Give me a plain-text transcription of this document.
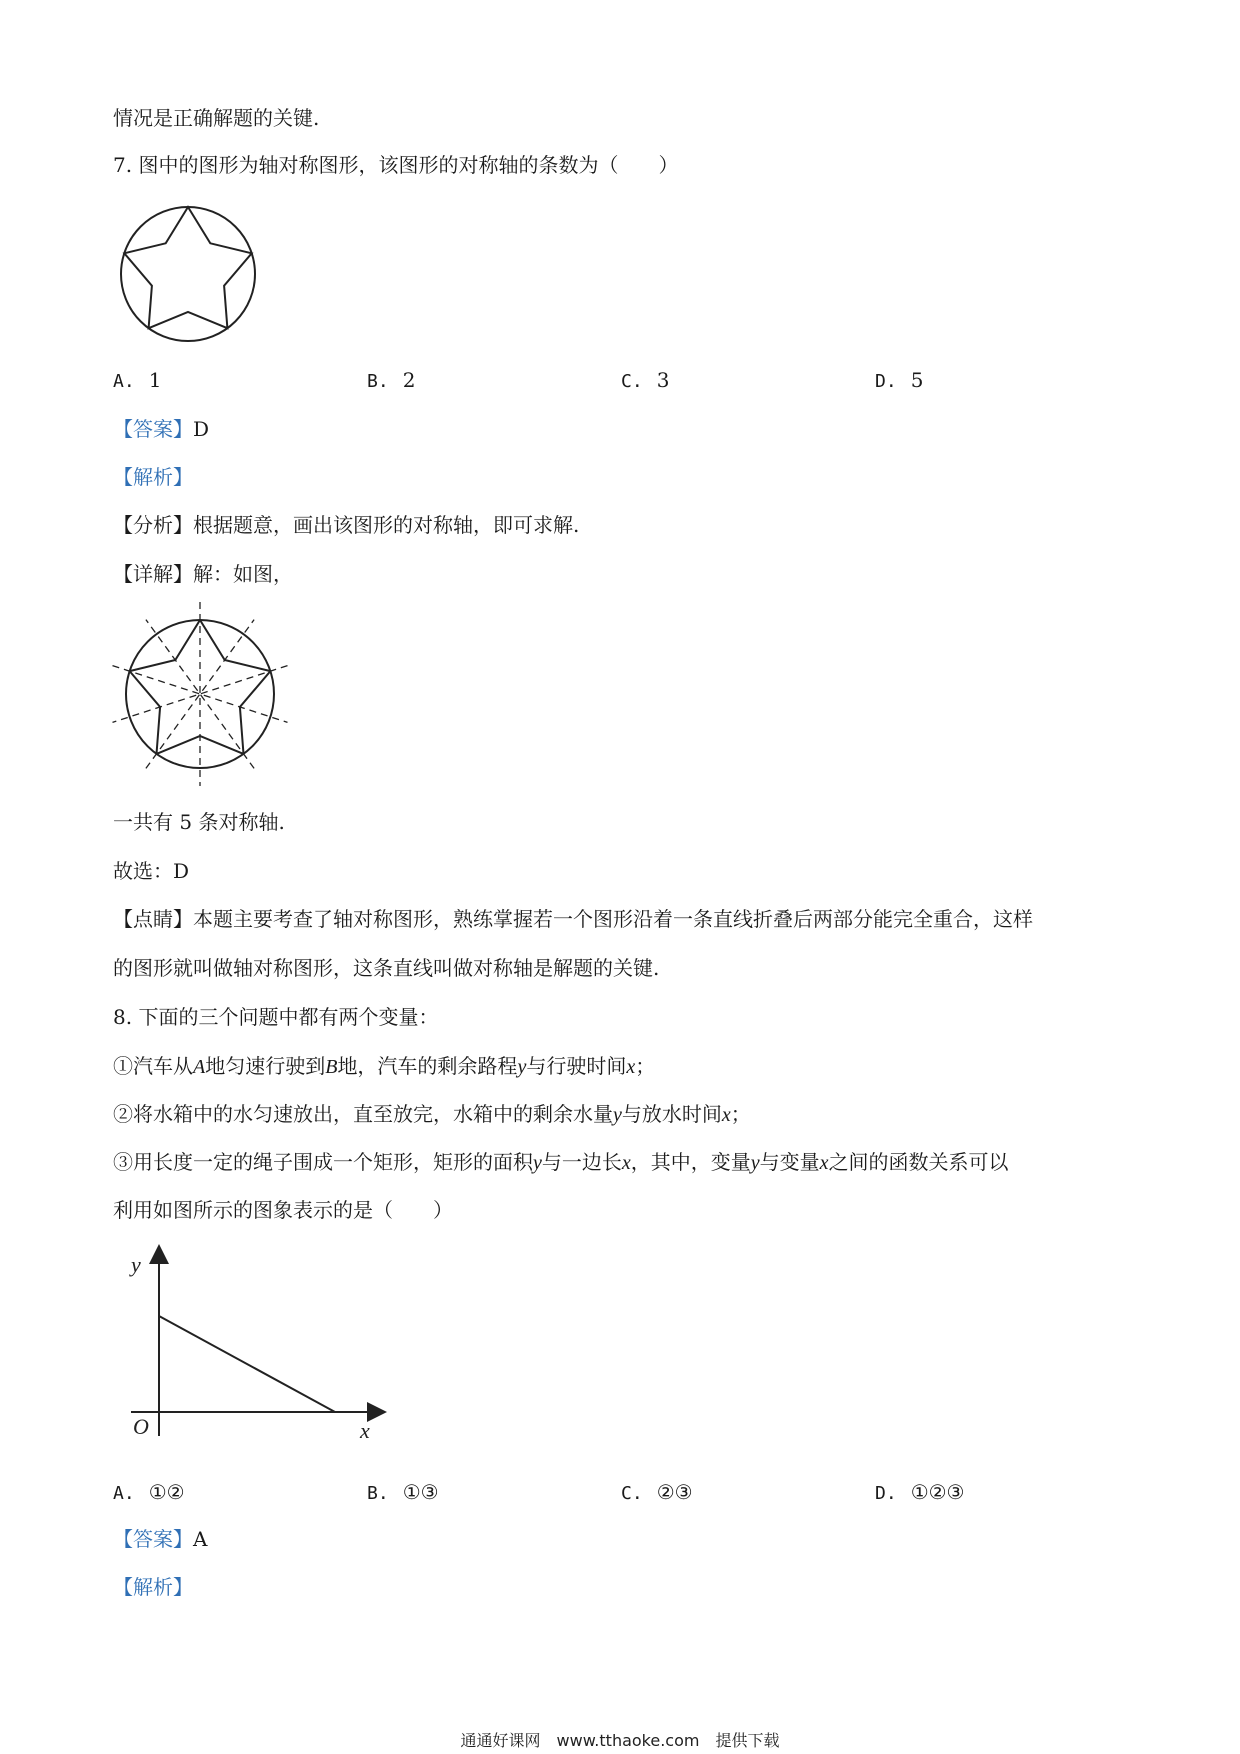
情况是正确解题的关键.
7. 图中的图形为轴对称图形，该图形的对称轴的条数为（　　）
A. 1	B. 2	C. 3	D. 5
【答案】D
【解析】
【分析】根据题意，画出该图形的对称轴，即可求解.
【详解】解：如图，
一共有 5 条对称轴.
故选：D
【点睛】本题主要考查了轴对称图形，熟练掌握若一个图形沿着一条直线折叠后两部分能完全重合，这样
的图形就叫做轴对称图形，这条直线叫做对称轴是解题的关键.
8. 下面的三个问题中都有两个变量：
①汽车从A地匀速行驶到B地，汽车的剩余路程y与行驶时间x；
②将水箱中的水匀速放出，直至放完，水箱中的剩余水量y与放水时间x；
③用长度一定的绳子围成一个矩形，矩形的面积y与一边长x，其中，变量y与变量x之间的函数关系可以
利用如图所示的图象表示的是（　　）
y
x
O
A. ①②	B. ①③	C. ②③	D. ①②③
【答案】A
【解析】
通通好课网　www.tthaoke.com　提供下载
